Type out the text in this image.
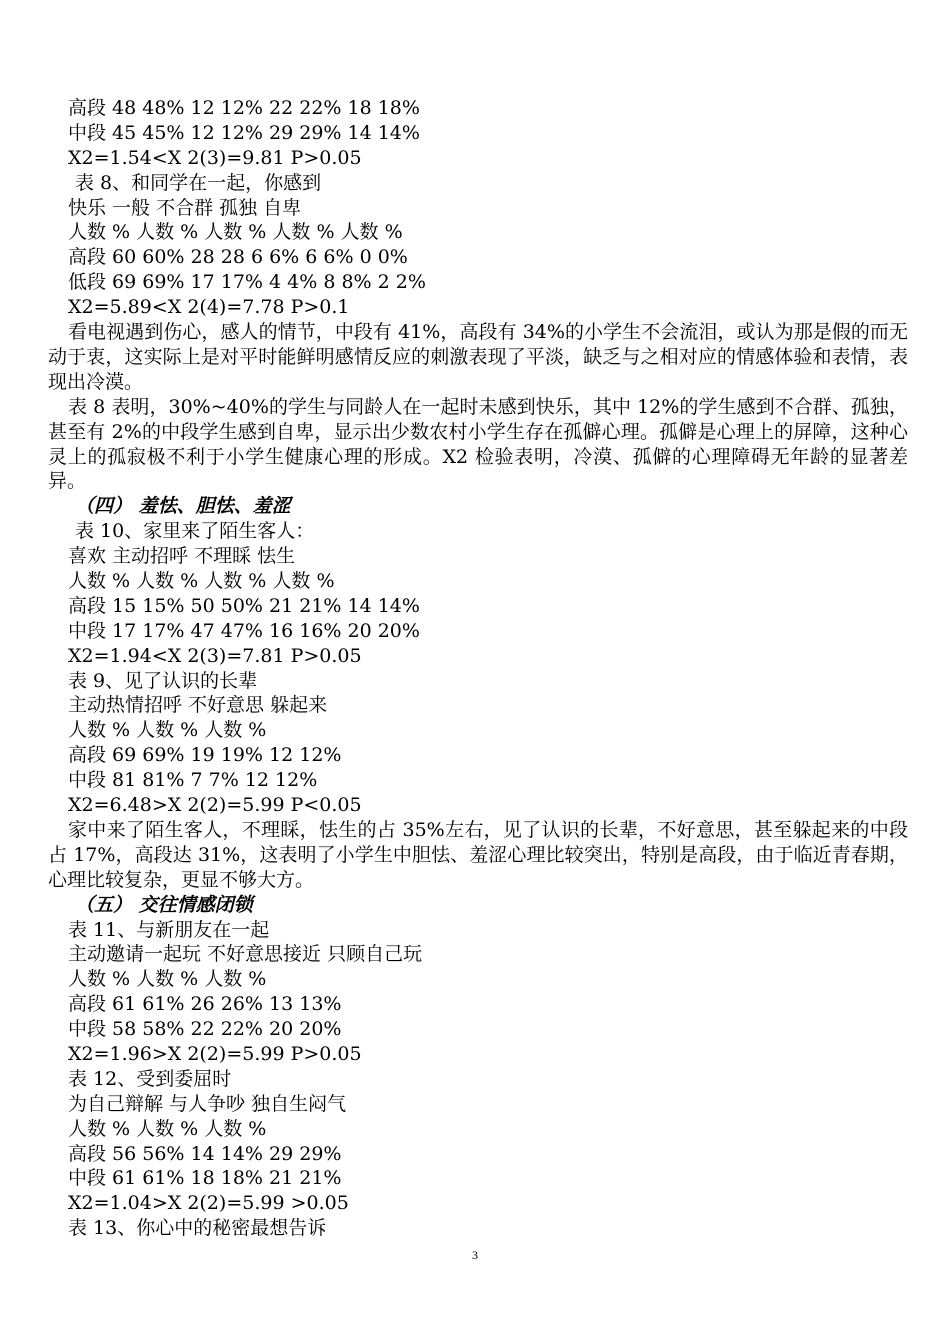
高段 48 48% 12 12% 22 22% 18 18%
中段 45 45% 12 12% 29 29% 14 14%
X2=1.54<X 2(3)=9.81 P>0.05
表 8、和同学在一起，你感到
快乐 一般 不合群 孤独 自卑
人数 % 人数 % 人数 % 人数 % 人数 %
高段 60 60% 28 28 6 6% 6 6% 0 0%
低段 69 69% 17 17% 4 4% 8 8% 2 2%
X2=5.89<X 2(4)=7.78 P>0.1
看电视遇到伤心，感人的情节，中段有 41%，高段有 34%的小学生不会流泪，或认为那是假的而无动于衷，这实际上是对平时能鲜明感情反应的刺激表现了平淡，缺乏与之相对应的情感体验和表情，表现出冷漠。
表 8 表明，30%~40%的学生与同龄人在一起时未感到快乐，其中 12%的学生感到不合群、孤独，甚至有 2%的中段学生感到自卑，显示出少数农村小学生存在孤僻心理。孤僻是心理上的屏障，这种心灵上的孤寂极不利于小学生健康心理的形成。X2 检验表明，冷漠、孤僻的心理障碍无年龄的显著差异。
（四） 羞怯、胆怯、羞涩
表 10、家里来了陌生客人：
喜欢 主动招呼 不理睬 怯生
人数 % 人数 % 人数 % 人数 %
高段 15 15% 50 50% 21 21% 14 14%
中段 17 17% 47 47% 16 16% 20 20%
X2=1.94<X 2(3)=7.81 P>0.05
表 9、见了认识的长辈
主动热情招呼 不好意思 躲起来
人数 % 人数 % 人数 %
高段 69 69% 19 19% 12 12%
中段 81 81% 7 7% 12 12%
X2=6.48>X 2(2)=5.99 P<0.05
家中来了陌生客人，不理睬，怯生的占 35%左右，见了认识的长辈，不好意思，甚至躲起来的中段占 17%，高段达 31%，这表明了小学生中胆怯、羞涩心理比较突出，特别是高段，由于临近青春期， 心理比较复杂，更显不够大方。
（五） 交往情感闭锁
表 11、与新朋友在一起
主动邀请一起玩 不好意思接近 只顾自己玩
人数 % 人数 % 人数 %
高段 61 61% 26 26% 13 13%
中段 58 58% 22 22% 20 20%
X2=1.96>X 2(2)=5.99 P>0.05
表 12、受到委屈时
为自己辩解 与人争吵 独自生闷气
人数 % 人数 % 人数 %
高段 56 56% 14 14% 29 29%
中段 61 61% 18 18% 21 21%
X2=1.04>X 2(2)=5.99 >0.05
表 13、你心中的秘密最想告诉
3
